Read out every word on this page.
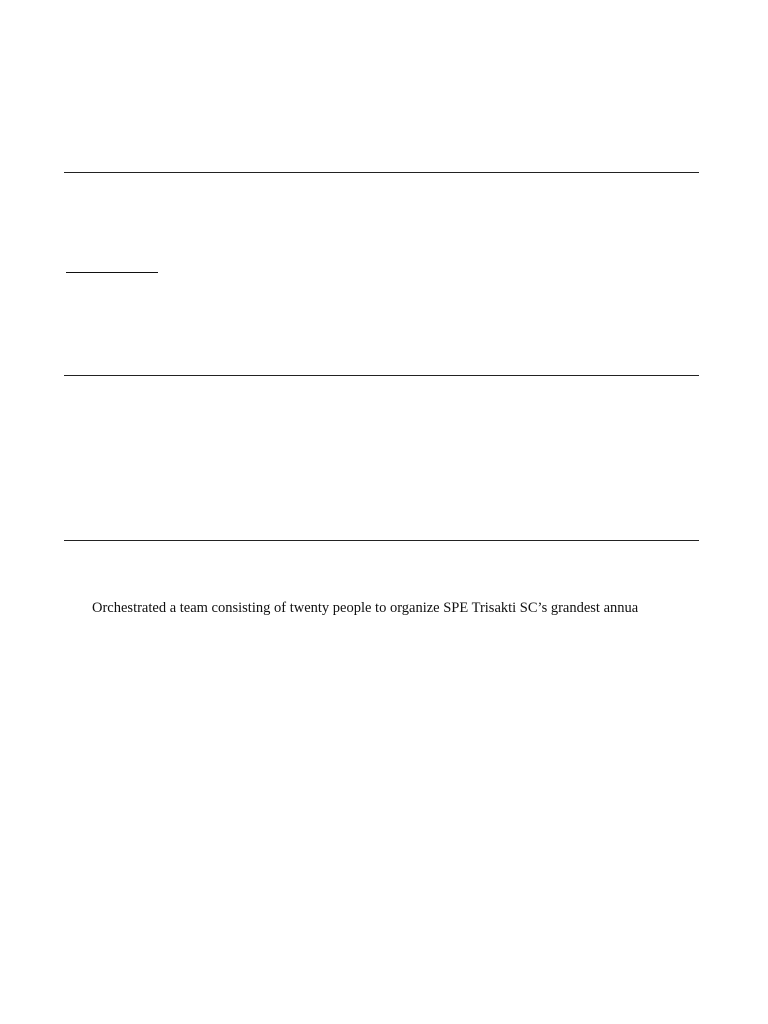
Orchestrated a team consisting of twenty people to organize SPE Trisakti SC’s grandest annua
